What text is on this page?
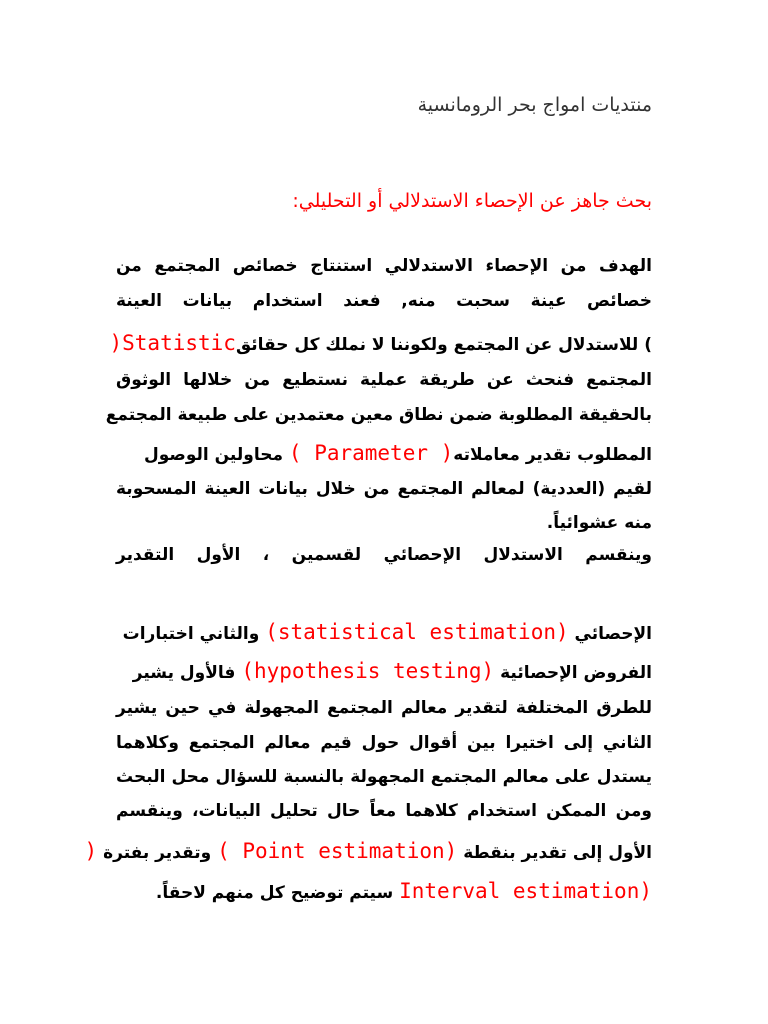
منتديات امواج بحر الرومانسية
بحث جاهز عن الإحصاء الاستدلالي أو التحليلي:
الهدف من الإحصاء الاستدلالي استنتاج خصائص المجتمع من
خصائص عينة سحبت منه, فعند استخدام بيانات العينة
) للاستدلال عن المجتمع ولكوننا لا نملك كل حقائقStatistic(
المجتمع فنحث عن طريقة عملية نستطيع من خلالها الوثوق
بالحقيقة المطلوبة ضمن نطاق معين معتمدين على طبيعة المجتمع
المطلوب تقدير معاملاته( Parameter ) محاولين الوصول
لقيم (العددية) لمعالم المجتمع من خلال بيانات العينة المسحوبة
منه عشوائياً.
وينقسم الاستدلال الإحصائي لقسمين ، الأول التقدير
الإحصائي (statistical estimation) والثاني اختبارات
الفروض الإحصائية (hypothesis testing) فالأول يشير
للطرق المختلفة لتقدير معالم المجتمع المجهولة في حين يشير
الثاني إلى اختيرا بين أقوال حول قيم معالم المجتمع وكلاهما
يستدل على معالم المجتمع المجهولة بالنسبة للسؤال محل البحث
ومن الممكن استخدام كلاهما معاً حال تحليل البيانات، وينقسم
الأول إلى تقدير بنقطة ( Point estimation) وتقدير بفترة (
Interval estimation) سيتم توضيح كل منهم لاحقاً.
